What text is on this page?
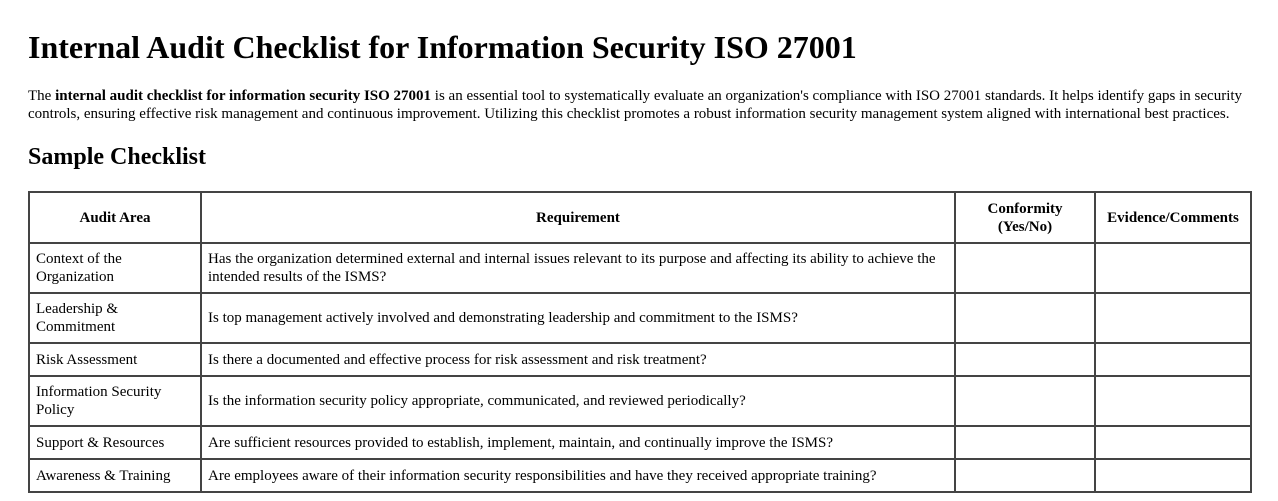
Internal Audit Checklist for Information Security ISO 27001

The internal audit checklist for information security ISO 27001 is an essential tool to systematically evaluate an organization's compliance with ISO 27001 standards. It helps identify gaps in security controls, ensuring effective risk management and continuous improvement. Utilizing this checklist promotes a robust information security management system aligned with international best practices.

Sample Checklist
Audit Area	Requirement	Conformity (Yes/No)	Evidence/Comments
Context of the Organization	Has the organization determined external and internal issues relevant to its purpose and affecting its ability to achieve the intended results of the ISMS?		
Leadership & Commitment	Is top management actively involved and demonstrating leadership and commitment to the ISMS?		
Risk Assessment	Is there a documented and effective process for risk assessment and risk treatment?		
Information Security Policy	Is the information security policy appropriate, communicated, and reviewed periodically?		
Support & Resources	Are sufficient resources provided to establish, implement, maintain, and continually improve the ISMS?		
Awareness & Training	Are employees aware of their information security responsibilities and have they received appropriate training?		
